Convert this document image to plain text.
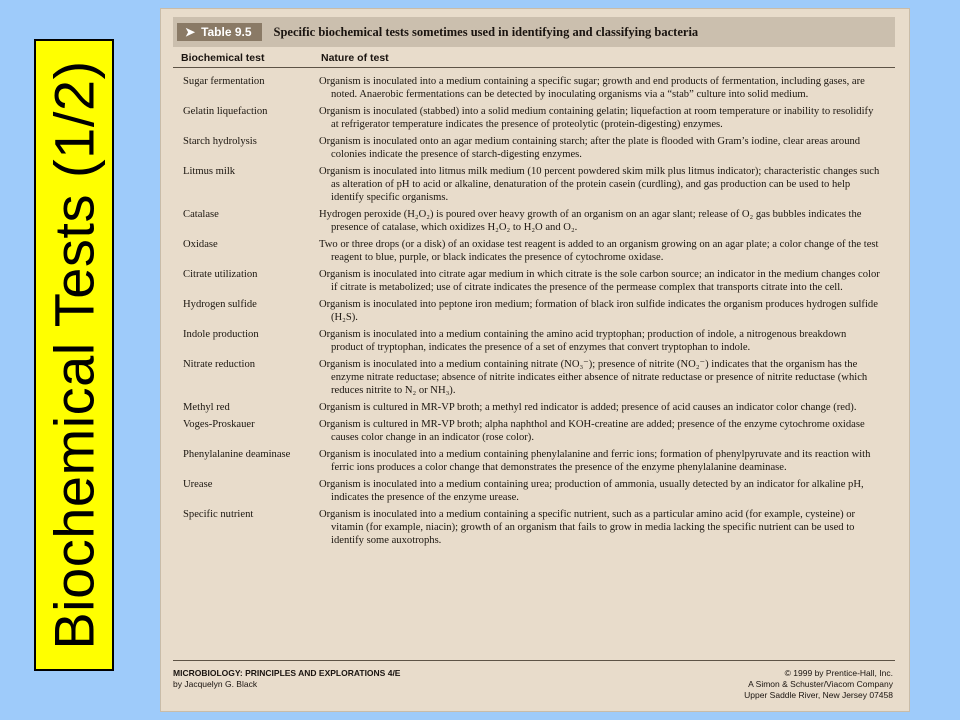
Biochemical Tests (1/2)
➤ Table 9.5	Specific biochemical tests sometimes used in identifying and classifying bacteria
Biochemical test	Nature of test
Sugar fermentation	Organism is inoculated into a medium containing a specific sugar; growth and end products of fermentation, including gases, are noted. Anaerobic fermentations can be detected by inoculating organisms via a “stab” culture into solid medium.
Gelatin liquefaction	Organism is inoculated (stabbed) into a solid medium containing gelatin; liquefaction at room temperature or inability to resolidify at refrigerator temperature indicates the presence of proteolytic (protein-digesting) enzymes.
Starch hydrolysis	Organism is inoculated onto an agar medium containing starch; after the plate is flooded with Gram’s iodine, clear areas around colonies indicate the presence of starch-digesting enzymes.
Litmus milk	Organism is inoculated into litmus milk medium (10 percent powdered skim milk plus litmus indicator); characteristic changes such as alteration of pH to acid or alkaline, denaturation of the protein casein (curdling), and gas production can be used to help identify specific organisms.
Catalase	Hydrogen peroxide (H₂O₂) is poured over heavy growth of an organism on an agar slant; release of O₂ gas bubbles indicates the presence of catalase, which oxidizes H₂O₂ to H₂O and O₂.
Oxidase	Two or three drops (or a disk) of an oxidase test reagent is added to an organism growing on an agar plate; a color change of the test reagent to blue, purple, or black indicates the presence of cytochrome oxidase.
Citrate utilization	Organism is inoculated into citrate agar medium in which citrate is the sole carbon source; an indicator in the medium changes color if citrate is metabolized; use of citrate indicates the presence of the permease complex that transports citrate into the cell.
Hydrogen sulfide	Organism is inoculated into peptone iron medium; formation of black iron sulfide indicates the organism produces hydrogen sulfide (H₂S).
Indole production	Organism is inoculated into a medium containing the amino acid tryptophan; production of indole, a nitrogenous breakdown product of tryptophan, indicates the presence of a set of enzymes that convert tryptophan to indole.
Nitrate reduction	Organism is inoculated into a medium containing nitrate (NO₃⁻); presence of nitrite (NO₂⁻) indicates that the organism has the enzyme nitrate reductase; absence of nitrite indicates either absence of nitrate reductase or presence of nitrite reductase (which reduces nitrite to N₂ or NH₃).
Methyl red	Organism is cultured in MR-VP broth; a methyl red indicator is added; presence of acid causes an indicator color change (red).
Voges-Proskauer	Organism is cultured in MR-VP broth; alpha naphthol and KOH-creatine are added; presence of the enzyme cytochrome oxidase causes color change in an indicator (rose color).
Phenylalanine deaminase	Organism is inoculated into a medium containing phenylalanine and ferric ions; formation of phenylpyruvate and its reaction with ferric ions produces a color change that demonstrates the presence of the enzyme phenylalanine deaminase.
Urease	Organism is inoculated into a medium containing urea; production of ammonia, usually detected by an indicator for alkaline pH, indicates the presence of the enzyme urease.
Specific nutrient	Organism is inoculated into a medium containing a specific nutrient, such as a particular amino acid (for example, cysteine) or vitamin (for example, niacin); growth of an organism that fails to grow in media lacking the specific nutrient can be used to identify some auxotrophs.
MICROBIOLOGY: PRINCIPLES AND EXPLORATIONS 4/E
by Jacquelyn G. Black
© 1999 by Prentice-Hall, Inc.
A Simon & Schuster/Viacom Company
Upper Saddle River, New Jersey 07458
